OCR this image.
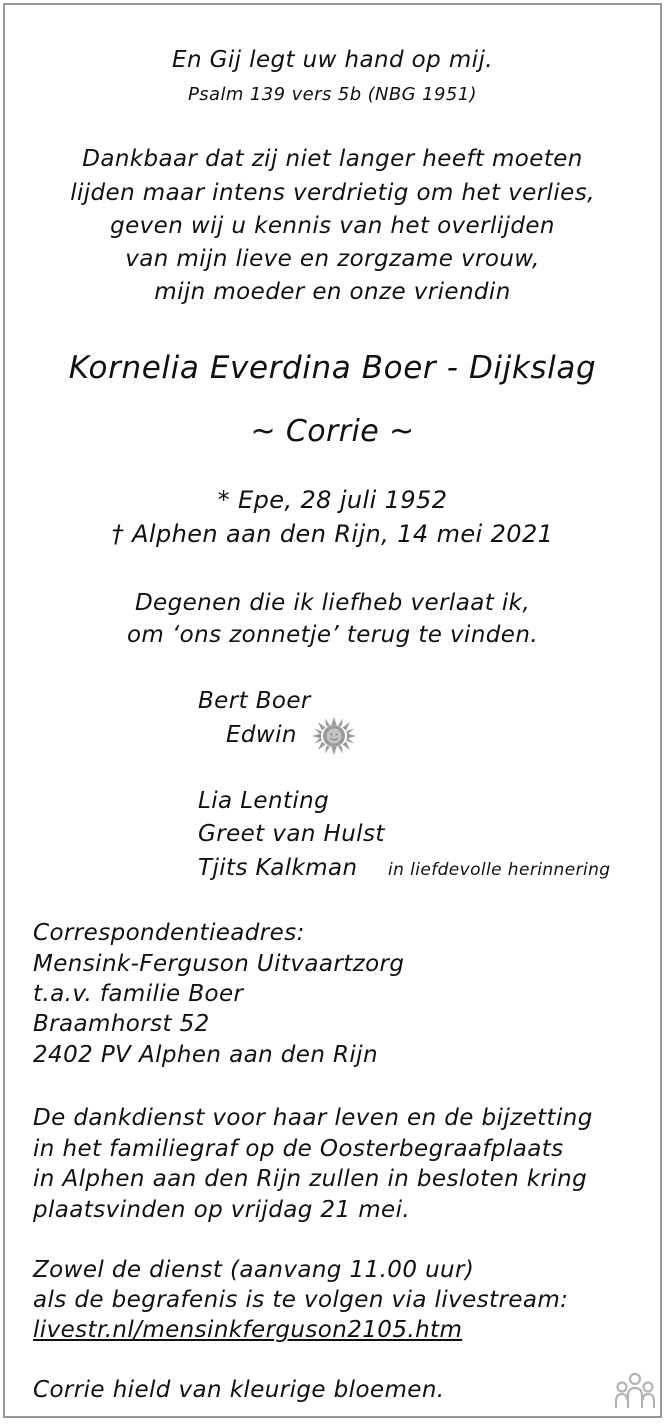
En Gij legt uw hand op mij.
Psalm 139 vers 5b (NBG 1951)
Dankbaar dat zij niet langer heeft moeten
lijden maar intens verdrietig om het verlies,
geven wij u kennis van het overlijden
van mijn lieve en zorgzame vrouw,
mijn moeder en onze vriendin
Kornelia Everdina Boer - Dijkslag
~ Corrie ~
* Epe, 28 juli 1952
† Alphen aan den Rijn, 14 mei 2021
Degenen die ik liefheb verlaat ik,
om ‘ons zonnetje’ terug te vinden.
Bert Boer
Edwin
Lia Lenting
Greet van Hulst
Tjits Kalkman in liefdevolle herinnering
Correspondentieadres:
Mensink-Ferguson Uitvaartzorg
t.a.v. familie Boer
Braamhorst 52
2402 PV Alphen aan den Rijn
De dankdienst voor haar leven en de bijzetting
in het familiegraf op de Oosterbegraafplaats
in Alphen aan den Rijn zullen in besloten kring
plaatsvinden op vrijdag 21 mei.
Zowel de dienst (aanvang 11.00 uur)
als de begrafenis is te volgen via livestream:
livestr.nl/mensinkferguson2105.htm
Corrie hield van kleurige bloemen.
